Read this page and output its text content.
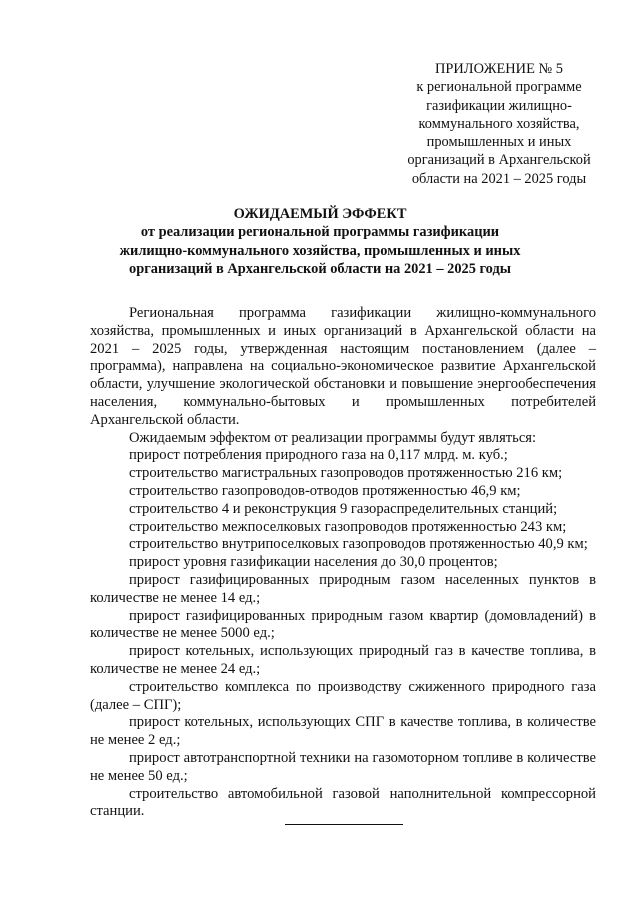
ПРИЛОЖЕНИЕ № 5
к региональной программе
газификации жилищно-
коммунального хозяйства,
промышленных и иных
организаций в Архангельской
области на 2021 – 2025 годы
ОЖИДАЕМЫЙ ЭФФЕКТ
от реализации региональной программы газификации
жилищно-коммунального хозяйства, промышленных и иных
организаций в Архангельской области на 2021 – 2025 годы

Региональная программа газификации жилищно-коммунального хозяйства, промышленных и иных организаций в Архангельской области на 2021 – 2025 годы, утвержденная настоящим постановлением (далее – программа), направлена на социально-экономическое развитие Архангельской области, улучшение экологической обстановки и повышение энергообеспечения населения, коммунально-бытовых и промышленных потребителей Архангельской области.

Ожидаемым эффектом от реализации программы будут являться:

прирост потребления природного газа на 0,117 млрд. м. куб.;

строительство магистральных газопроводов протяженностью 216 км;

строительство газопроводов-отводов протяженностью 46,9 км;

строительство 4 и реконструкция 9 газораспределительных станций;

строительство межпоселковых газопроводов протяженностью 243 км;

строительство внутрипоселковых газопроводов протяженностью 40,9 км;

прирост уровня газификации населения до 30,0 процентов;

прирост газифицированных природным газом населенных пунктов в количестве не менее 14 ед.;

прирост газифицированных природным газом квартир (домовладений) в количестве не менее 5000 ед.;

прирост котельных, использующих природный газ в качестве топлива, в количестве не менее 24 ед.;

строительство комплекса по производству сжиженного природного газа (далее – СПГ);

прирост котельных, использующих СПГ в качестве топлива, в количестве не менее 2 ед.;

прирост автотранспортной техники на газомоторном топливе в количестве не менее 50 ед.;

строительство автомобильной газовой наполнительной компрессорной станции.
